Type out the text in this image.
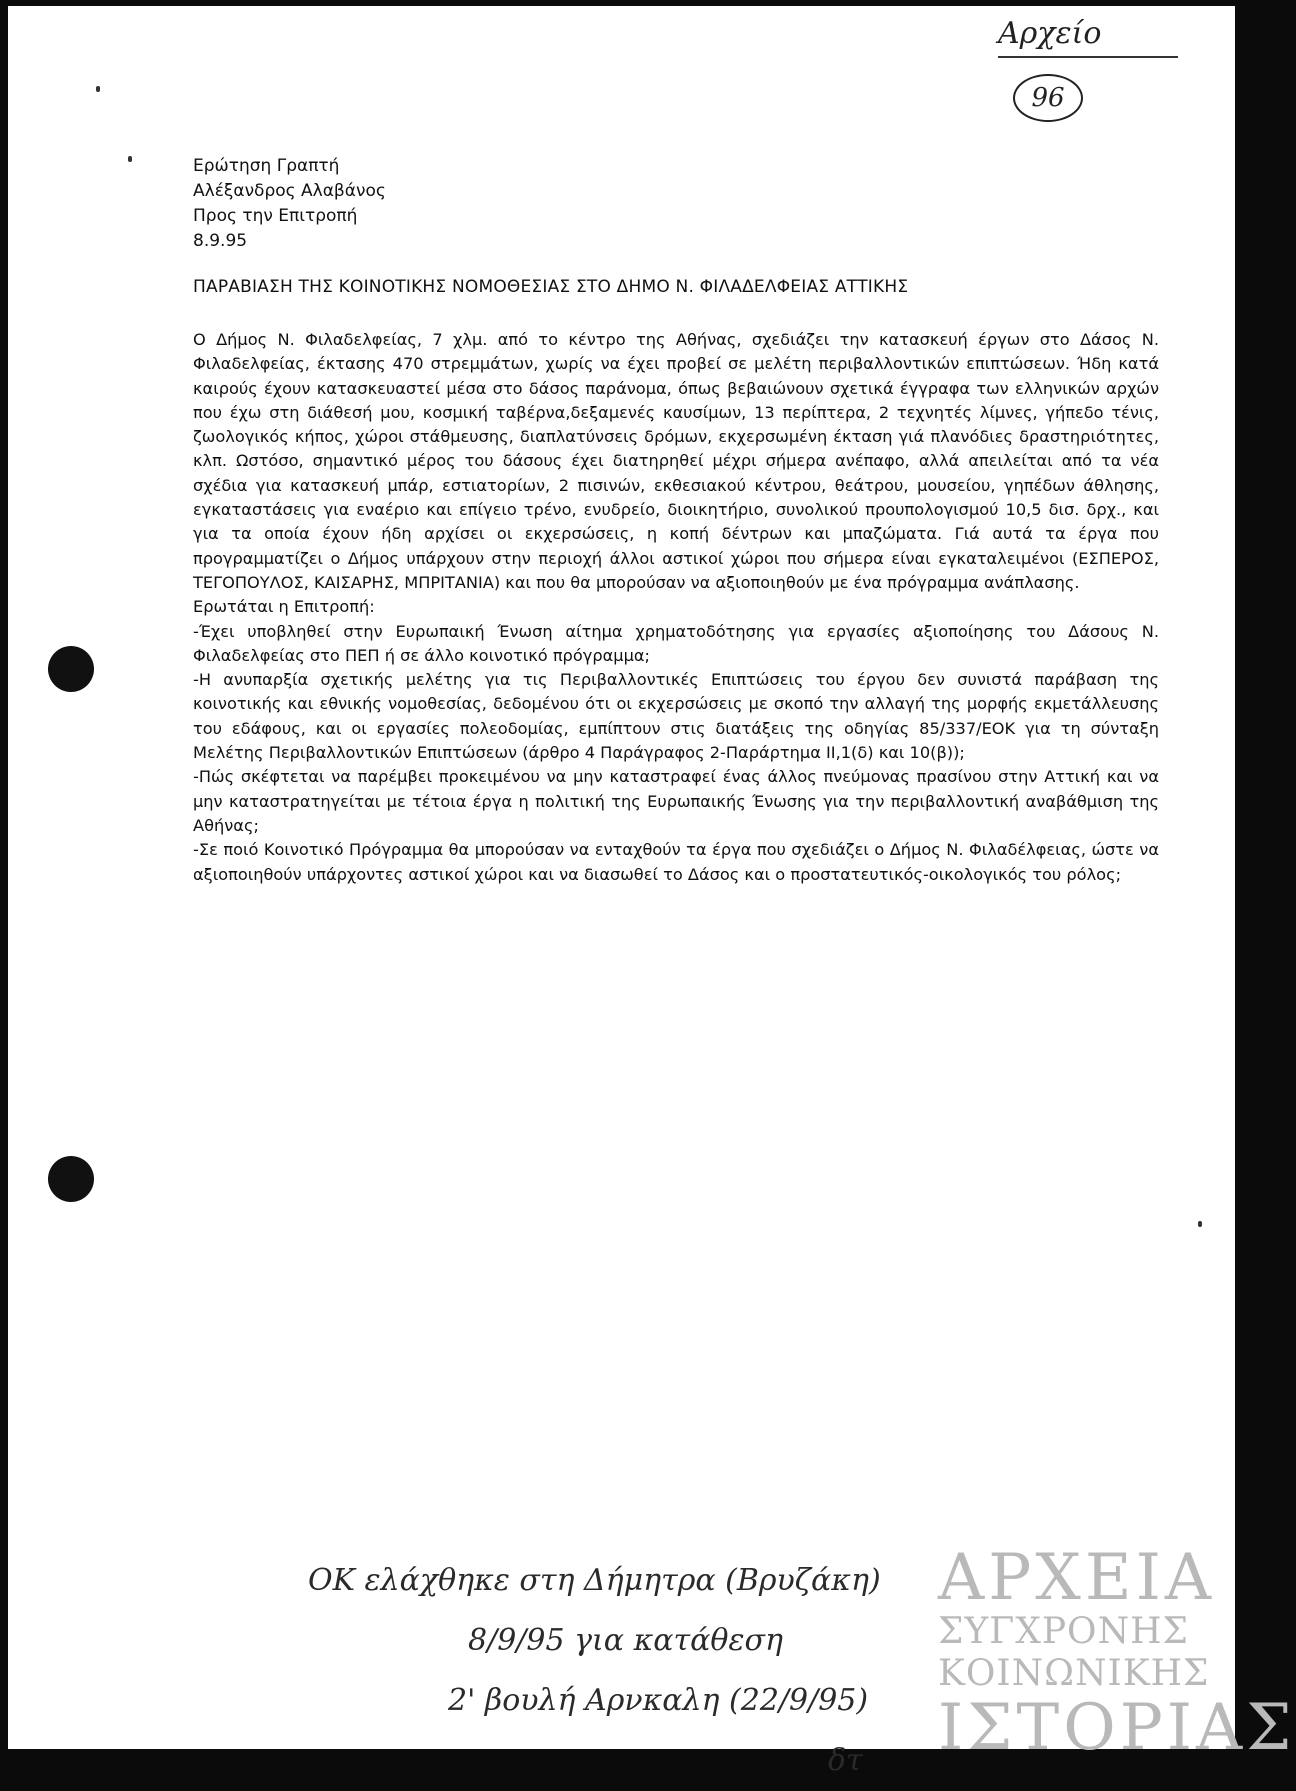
Αρχείο
96
Ερώτηση Γραπτή
Αλέξανδρος Αλαβάνος
Προς την Επιτροπή
8.9.95
ΠΑΡΑΒΙΑΣΗ ΤΗΣ ΚΟΙΝΟΤΙΚΗΣ ΝΟΜΟΘΕΣΙΑΣ ΣΤΟ ΔΗΜΟ Ν. ΦΙΛΑΔΕΛΦΕΙΑΣ ΑΤΤΙΚΗΣ

Ο Δήμος Ν. Φιλαδελφείας, 7 χλμ. από το κέντρο της Αθήνας, σχεδιάζει την κατασκευή έργων στο Δάσος Ν. Φιλαδελφείας, έκτασης 470 στρεμμάτων, χωρίς να έχει προβεί σε μελέτη περιβαλλοντικών επιπτώσεων. Ήδη κατά καιρούς έχουν κατασκευαστεί μέσα στο δάσος παράνομα, όπως βεβαιώνουν σχετικά έγγραφα των ελληνικών αρχών που έχω στη διάθεσή μου, κοσμική ταβέρνα,δεξαμενές καυσίμων, 13 περίπτερα, 2 τεχνητές λίμνες, γήπεδο τένις, ζωολογικός κήπος, χώροι στάθμευσης, διαπλατύνσεις δρόμων, εκχερσωμένη έκταση γιά πλανόδιες δραστηριότητες, κλπ. Ωστόσο, σημαντικό μέρος του δάσους έχει διατηρηθεί μέχρι σήμερα ανέπαφο, αλλά απειλείται από τα νέα σχέδια για κατασκευή μπάρ, εστιατορίων, 2 πισινών, εκθεσιακού κέντρου, θεάτρου, μουσείου, γηπέδων άθλησης, εγκαταστάσεις για εναέριο και επίγειο τρένο, ενυδρείο, διοικητήριο, συνολικού προυπολογισμού 10,5 δισ. δρχ., και για τα οποία έχουν ήδη αρχίσει οι εκχερσώσεις, η κοπή δέντρων και μπαζώματα. Γιά αυτά τα έργα που προγραμματίζει ο Δήμος υπάρχουν στην περιοχή άλλοι αστικοί χώροι που σήμερα είναι εγκαταλειμένοι (ΕΣΠΕΡΟΣ, ΤΕΓΟΠΟΥΛΟΣ, ΚΑΙΣΑΡΗΣ, ΜΠΡΙΤΑΝΙΑ) και που θα μπορούσαν να αξιοποιηθούν με ένα πρόγραμμα ανάπλασης.

Ερωτάται η Επιτροπή:

-Έχει υποβληθεί στην Ευρωπαική Ένωση αίτημα χρηματοδότησης για εργασίες αξιοποίησης του Δάσους Ν. Φιλαδελφείας στο ΠΕΠ ή σε άλλο κοινοτικό πρόγραμμα;

-Η ανυπαρξία σχετικής μελέτης για τις Περιβαλλοντικές Επιπτώσεις του έργου δεν συνιστά παράβαση της κοινοτικής και εθνικής νομοθεσίας, δεδομένου ότι οι εκχερσώσεις με σκοπό την αλλαγή της μορφής εκμετάλλευσης του εδάφους, και οι εργασίες πολεοδομίας, εμπίπτουν στις διατάξεις της οδηγίας 85/337/ΕΟΚ για τη σύνταξη Μελέτης Περιβαλλοντικών Επιπτώσεων (άρθρο 4 Παράγραφος 2-Παράρτημα II,1(δ) και 10(β));

-Πώς σκέφτεται να παρέμβει προκειμένου να μην καταστραφεί ένας άλλος πνεύμονας πρασίνου στην Αττική και να μην καταστρατηγείται με τέτοια έργα η πολιτική της Ευρωπαικής Ένωσης για την περιβαλλοντική αναβάθμιση της Αθήνας;

-Σε ποιό Κοινοτικό Πρόγραμμα θα μπορούσαν να ενταχθούν τα έργα που σχεδιάζει ο Δήμος Ν. Φιλαδέλφειας, ώστε να αξιοποιηθούν υπάρχοντες αστικοί χώροι και να διασωθεί το Δάσος και ο προστατευτικός-οικολογικός του ρόλος;

OK ελάχθηκε στη Δήμητρα (Βρυζάκη)
8/9/95 για κατάθεση
2' βουλή Αρνκαλη (22/9/95)
δτ
ΑΡΧΕΙΑ
ΣΥΓΧΡΟΝΗΣ
ΚΟΙΝΩΝΙΚΗΣ
ΙΣΤΟΡΙΑΣ
